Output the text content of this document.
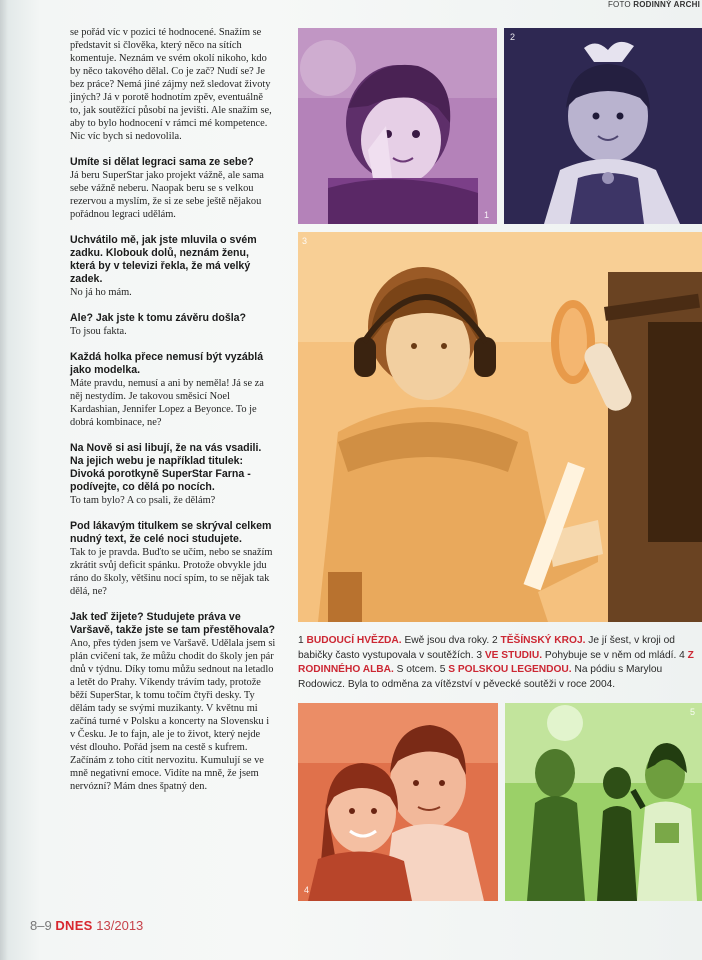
FOTO RODINNÝ ARCHI

se pořád víc v pozici té hodnocené. Snažím se představit si člověka, který něco na sítích komentuje. Neznám ve svém okolí nikoho, kdo by něco takového dělal. Co je zač? Nudí se? Je bez práce? Nemá jiné zájmy než sledovat životy jiných? Já v porotě hodnotím zpěv, eventuálně to, jak soutěžící působí na jevišti. Ale snažím se, aby to bylo hodnocení v rámci mé kompetence. Nic víc bych si nedovolila.

Umíte si dělat legraci sama ze sebe?

Já beru SuperStar jako projekt vážně, ale sama sebe vážně neberu. Naopak beru se s velkou rezervou a myslím, že si ze sebe ještě nějakou pořádnou legraci udělám.

Uchvátilo mě, jak jste mluvila o svém zadku. Klobouk dolů, neznám ženu, která by v televizi řekla, že má velký zadek.

No já ho mám.

Ale? Jak jste k tomu závěru došla?

To jsou fakta.

Každá holka přece nemusí být vyzáblá jako modelka.

Máte pravdu, nemusí a ani by neměla! Já se za něj nestydím. Je takovou směsicí Noel Kardashian, Jennifer Lopez a Beyonce. To je dobrá kombinace, ne?

Na Nově si asi libují, že na vás vsadili. Na jejich webu je například titulek: Divoká porotkyně SuperStar Farna - podívejte, co dělá po nocích.

To tam bylo? A co psali, že dělám?

Pod lákavým titulkem se skrýval celkem nudný text, že celé noci studujete.

Tak to je pravda. Buďto se učím, nebo se snažím zkrátit svůj deficit spánku. Protože obvykle jdu ráno do školy, většinu nocí spím, to se nějak tak dělá, ne?

Jak teď žijete? Studujete práva ve Varšavě, takže jste se tam přestěhovala?

Ano, přes týden jsem ve Varšavě. Udělala jsem si plán cvičení tak, že můžu chodit do školy jen pár dnů v týdnu. Díky tomu můžu sednout na letadlo a letět do Prahy. Víkendy trávím tady, protože běží SuperStar, k tomu točím čtyři desky. Ty dělám tady se svými muzikanty. V květnu mi začíná turné v Polsku a koncerty na Slovensku i v Česku. Je to fajn, ale je to život, který nejde vést dlouho. Pořád jsem na cestě s kufrem. Začínám z toho cítit nervozitu. Kumulují se ve mně negativní emoce. Vidíte na mně, že jsem nervózní? Mám dnes špatný den.

1
2
3
1 BUDOUCÍ HVĚZDA. Ewě jsou dva roky. 2 TĚŠÍNSKÝ KROJ. Je jí šest, v kroji od babičky často vystupovala v soutěžích. 3 VE STUDIU. Pohybuje se v něm od mládí. 4 Z RODINNÉHO ALBA. S otcem. 5 S POLSKOU LEGENDOU. Na pódiu s Marylou Rodowicz. Byla to odměna za vítězství v pěvecké soutěži v roce 2004.
4
5
8–9 DNES 13/2013
